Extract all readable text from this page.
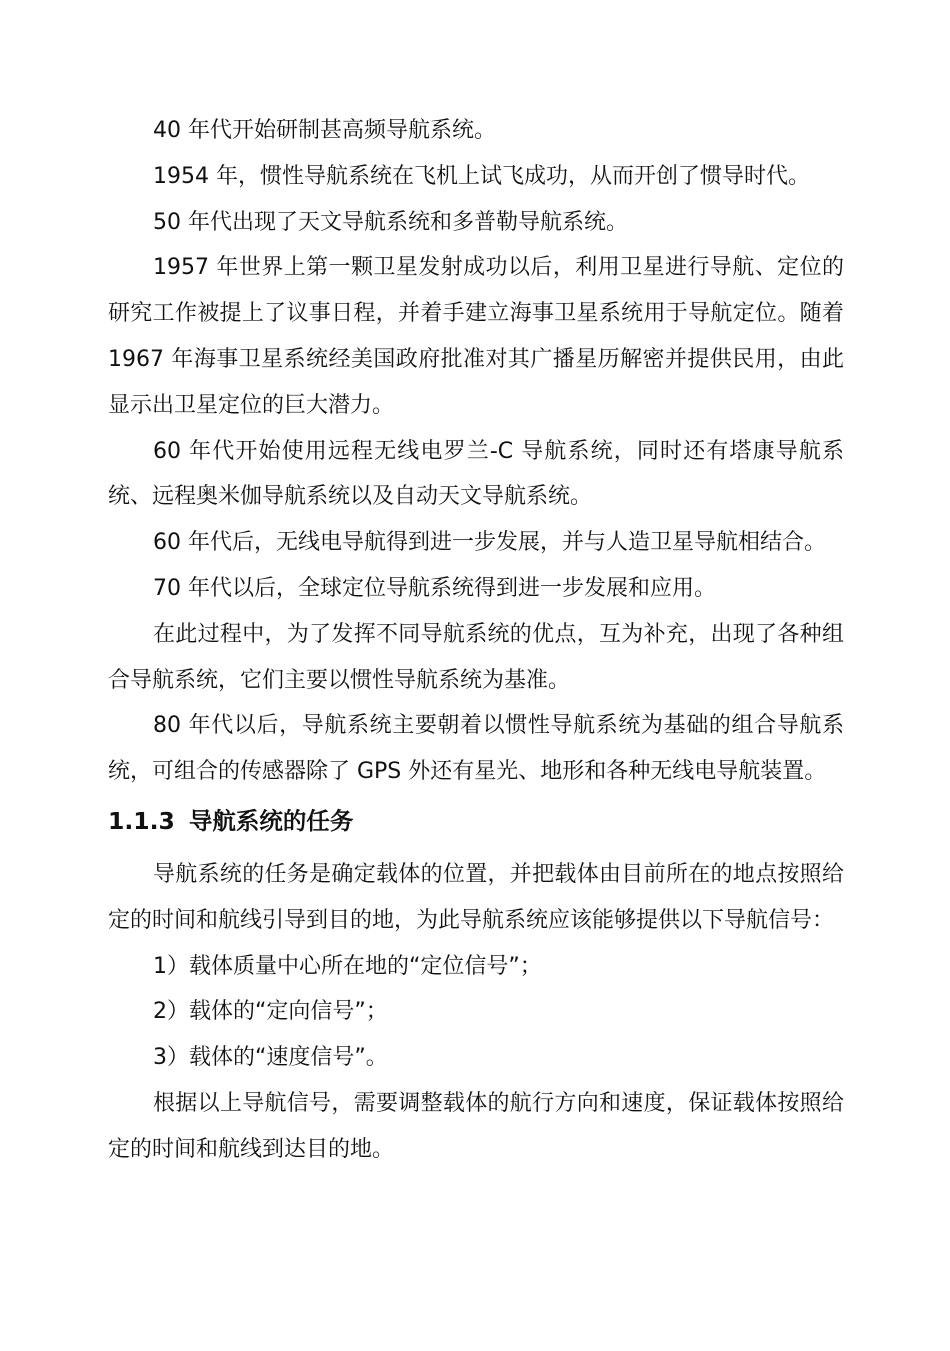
40 年代开始研制甚高频导航系统。

1954 年，惯性导航系统在飞机上试飞成功，从而开创了惯导时代。

50 年代出现了天文导航系统和多普勒导航系统。

1957 年世界上第一颗卫星发射成功以后，利用卫星进行导航、定位的研究工作被提上了议事日程，并着手建立海事卫星系统用于导航定位。随着 1967 年海事卫星系统经美国政府批准对其广播星历解密并提供民用，由此显示出卫星定位的巨大潜力。

60 年代开始使用远程无线电罗兰-C 导航系统，同时还有塔康导航系统、远程奥米伽导航系统以及自动天文导航系统。

60 年代后，无线电导航得到进一步发展，并与人造卫星导航相结合。

70 年代以后，全球定位导航系统得到进一步发展和应用。

在此过程中，为了发挥不同导航系统的优点，互为补充，出现了各种组合导航系统，它们主要以惯性导航系统为基准。

80 年代以后，导航系统主要朝着以惯性导航系统为基础的组合导航系统，可组合的传感器除了 GPS 外还有星光、地形和各种无线电导航装置。

1.1.3 导航系统的任务

导航系统的任务是确定载体的位置，并把载体由目前所在的地点按照给定的时间和航线引导到目的地，为此导航系统应该能够提供以下导航信号：

1）载体质量中心所在地的“定位信号”；

2）载体的“定向信号”；

3）载体的“速度信号”。

根据以上导航信号，需要调整载体的航行方向和速度，保证载体按照给定的时间和航线到达目的地。
